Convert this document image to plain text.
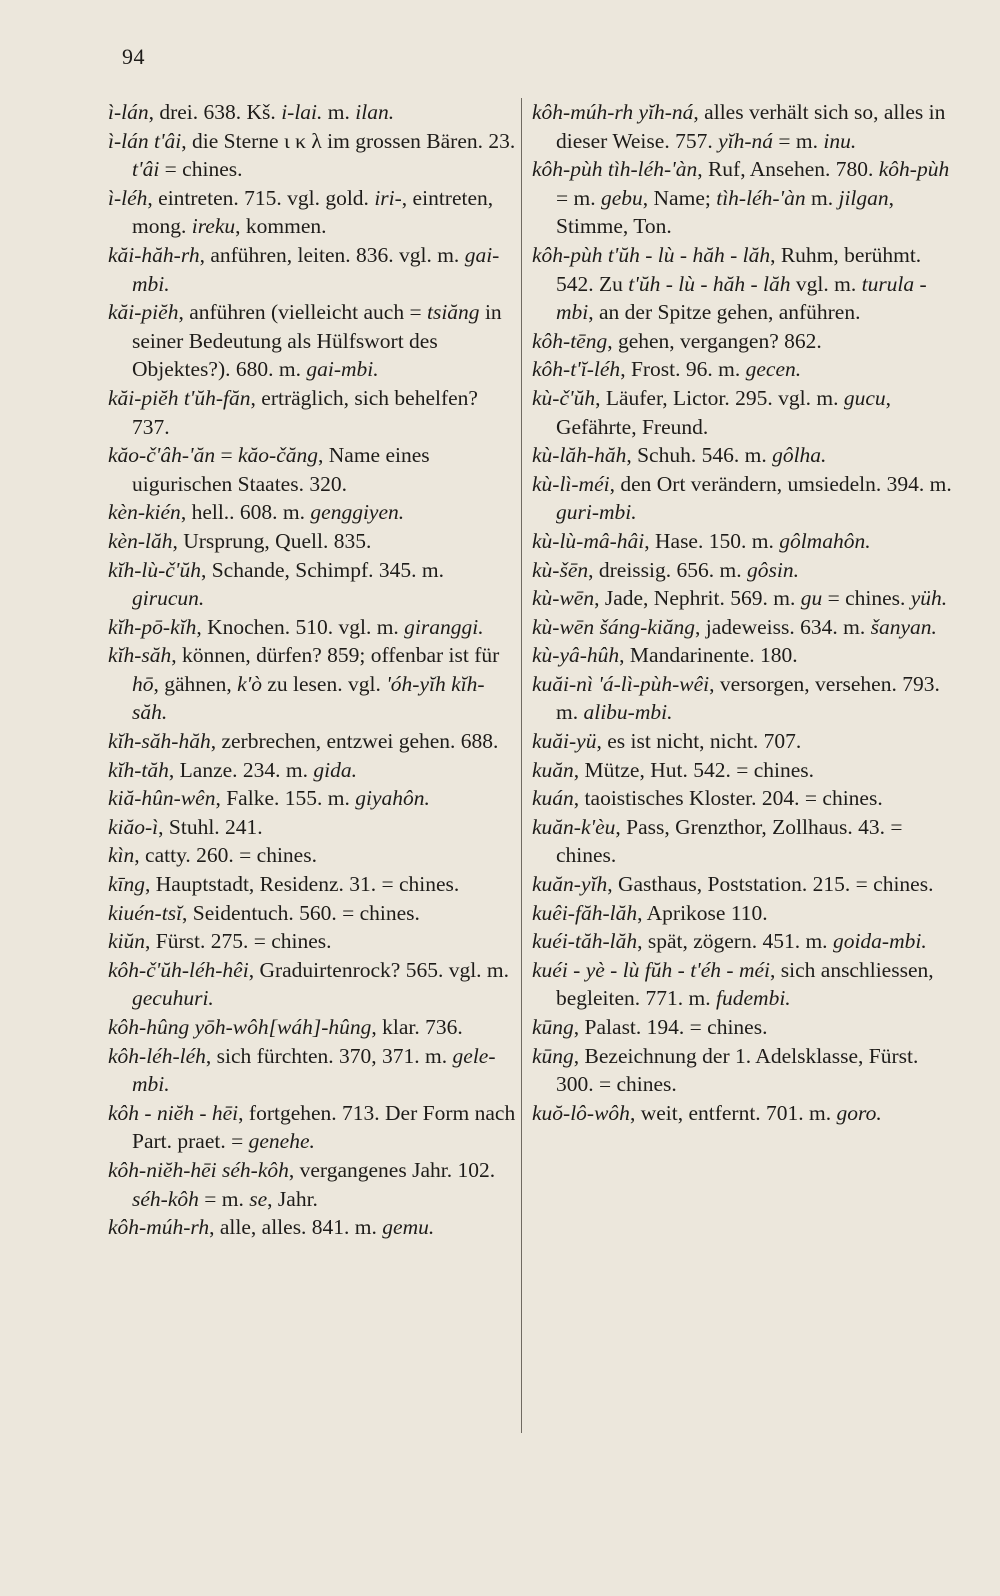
94

ì-lán, drei. 638. Kš. i-lai. m. ilan.

ì-lán t'âi, die Sterne ι κ λ im grossen Bären. 23. t'âi = chines.

ì-léh, eintreten. 715. vgl. gold. iri-, eintreten, mong. ireku, kommen.

kăi-hăh-rh, anführen, leiten. 836. vgl. m. gai-mbi.

kăi-piĕh, anführen (vielleicht auch = tsiăng in seiner Bedeutung als Hülfswort des Objektes?). 680. m. gai-mbi.

kăi-piĕh t'ŭh-făn, erträglich, sich behelfen? 737.

kăo-č'âh-'ăn = kăo-čăng, Name eines uigurischen Staates. 320.

kèn-kién, hell.. 608. m. genggiyen.

kèn-lăh, Ursprung, Quell. 835.

kĭh-lù-č'ŭh, Schande, Schimpf. 345. m. girucun.

kĭh-pō-kĭh, Knochen. 510. vgl. m. giranggi.

kĭh-săh, können, dürfen? 859; offenbar ist für hō, gähnen, k'ò zu lesen. vgl. 'óh-yĭh kĭh-săh.

kĭh-săh-hăh, zerbrechen, entzwei gehen. 688.

kĭh-tăh, Lanze. 234. m. gida.

kiă-hûn-wên, Falke. 155. m. giyahôn.

kiăo-ì, Stuhl. 241.

kìn, catty. 260. = chines.

kīng, Hauptstadt, Residenz. 31. = chines.

kiuén-tsĭ, Seidentuch. 560. = chines.

kiŭn, Fürst. 275. = chines.

kôh-č'ŭh-léh-hêi, Graduirtenrock? 565. vgl. m. gecuhuri.

kôh-hûng yōh-wôh[wáh]-hûng, klar. 736.

kôh-léh-léh, sich fürchten. 370, 371. m. gele-mbi.

kôh - niĕh - hēi, fortgehen. 713. Der Form nach Part. praet. = genehe.

kôh-niĕh-hēi séh-kôh, vergangenes Jahr. 102. séh-kôh = m. se, Jahr.

kôh-múh-rh, alle, alles. 841. m. gemu.

kôh-múh-rh yĭh-ná, alles verhält sich so, alles in dieser Weise. 757. yĭh-ná = m. inu.

kôh-pùh tìh-léh-'àn, Ruf, Ansehen. 780. kôh-pùh = m. gebu, Name; tìh-léh-'àn m. jilgan, Stimme, Ton.

kôh-pùh t'ŭh - lù - hăh - lăh, Ruhm, berühmt. 542. Zu t'ŭh - lù - hăh - lăh vgl. m. turula - mbi, an der Spitze gehen, anführen.

kôh-tēng, gehen, vergangen? 862.

kôh-t'ĭ-léh, Frost. 96. m. gecen.

kù-č'ŭh, Läufer, Lictor. 295. vgl. m. gucu, Gefährte, Freund.

kù-lăh-hăh, Schuh. 546. m. gôlha.

kù-lì-méi, den Ort verändern, umsiedeln. 394. m. guri-mbi.

kù-lù-mâ-hâi, Hase. 150. m. gôlmahôn.

kù-šēn, dreissig. 656. m. gôsin.

kù-wēn, Jade, Nephrit. 569. m. gu = chines. yüh.

kù-wēn šáng-kiăng, jadeweiss. 634. m. šanyan.

kù-yâ-hûh, Mandarinente. 180.

kuăi-nì 'á-lì-pùh-wêi, versorgen, versehen. 793. m. alibu-mbi.

kuăi-yü, es ist nicht, nicht. 707.

kuăn, Mütze, Hut. 542. = chines.

kuán, taoistisches Kloster. 204. = chines.

kuăn-k'èu, Pass, Grenzthor, Zollhaus. 43. = chines.

kuăn-yĭh, Gasthaus, Poststation. 215. = chines.

kuêi-făh-lăh, Aprikose 110.

kuéi-tăh-lăh, spät, zögern. 451. m. goida-mbi.

kuéi - yè - lù fŭh - t'éh - méi, sich anschliessen, begleiten. 771. m. fudembi.

kūng, Palast. 194. = chines.

kūng, Bezeichnung der 1. Adelsklasse, Fürst. 300. = chines.

kuŏ-lô-wôh, weit, entfernt. 701. m. goro.
